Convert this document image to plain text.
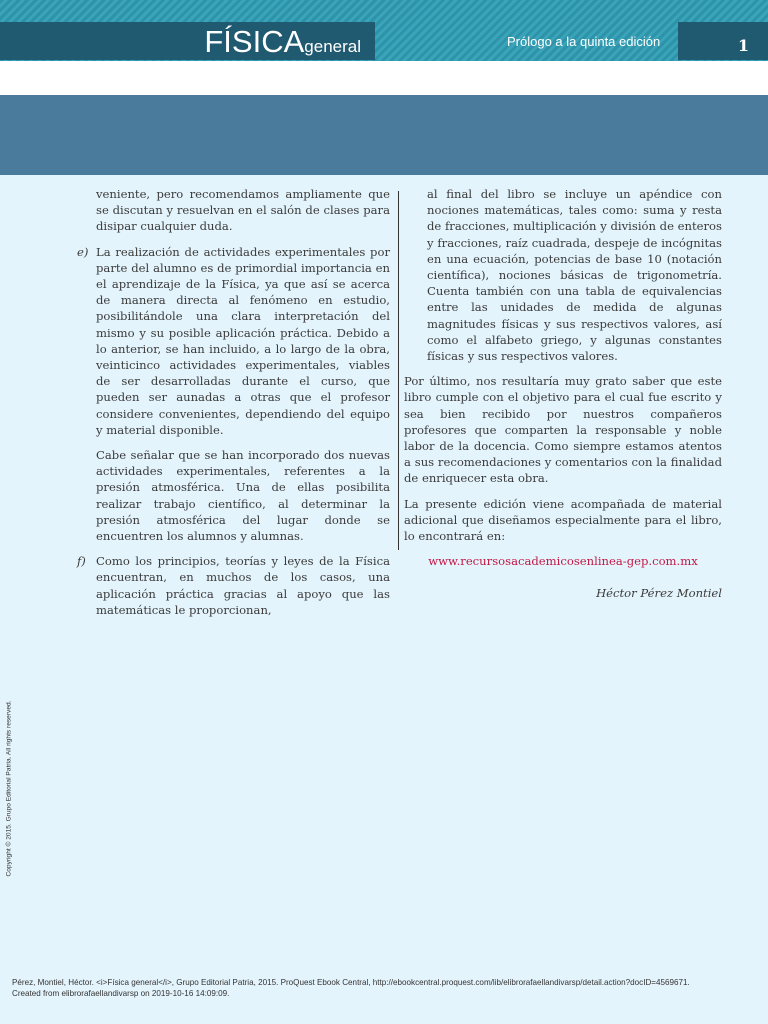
FÍSICAgeneral	Prólogo a la quinta edición	1

veniente, pero recomendamos ampliamente que se discutan y resuelvan en el salón de clases para disipar cualquier duda.

e) La realización de actividades experimentales por parte del alumno es de primordial importancia en el aprendizaje de la Física, ya que así se acerca de manera directa al fenómeno en estudio, posibilitándole una clara interpretación del mismo y su posible aplicación práctica. Debido a lo anterior, se han incluido, a lo largo de la obra, veinticinco actividades experimentales, viables de ser desarrolladas durante el curso, que pueden ser aunadas a otras que el profesor considere convenientes, dependiendo del equipo y material disponible.

Cabe señalar que se han incorporado dos nuevas actividades experimentales, referentes a la presión atmosférica. Una de ellas posibilita realizar trabajo científico, al determinar la presión atmosférica del lugar donde se encuentren los alumnos y alumnas.

f) Como los principios, teorías y leyes de la Física encuentran, en muchos de los casos, una aplicación práctica gracias al apoyo que las matemáticas le proporcionan,

al final del libro se incluye un apéndice con nociones matemáticas, tales como: suma y resta de fracciones, multiplicación y división de enteros y fracciones, raíz cuadrada, despeje de incógnitas en una ecuación, potencias de base 10 (notación científica), nociones básicas de trigonometría. Cuenta también con una tabla de equivalencias entre las unidades de medida de algunas magnitudes físicas y sus respectivos valores, así como el alfabeto griego, y algunas constantes físicas y sus respectivos valores.

Por último, nos resultaría muy grato saber que este libro cumple con el objetivo para el cual fue escrito y sea bien recibido por nuestros compañeros profesores que comparten la responsable y noble labor de la docencia. Como siempre estamos atentos a sus recomendaciones y comentarios con la finalidad de enriquecer esta obra.

La presente edición viene acompañada de material adicional que diseñamos especialmente para el libro, lo encontrará en:

www.recursosacademicosenlinea-gep.com.mx

Héctor Pérez Montiel

Copyright © 2015. Grupo Editorial Patria. All rights reserved.
Pérez, Montiel, Héctor. <i>Física general</i>, Grupo Editorial Patria, 2015. ProQuest Ebook Central, http://ebookcentral.proquest.com/lib/elibrorafaellandivarsp/detail.action?docID=4569671.
Created from elibrorafaellandivarsp on 2019-10-16 14:09:09.
